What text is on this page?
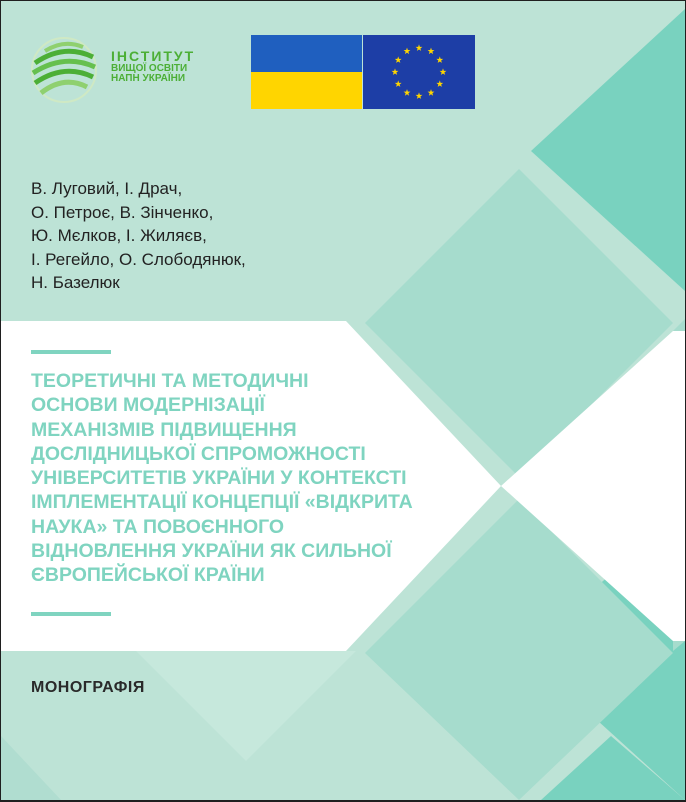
ІНСТИТУТ
ВИЩОЇ ОСВІТИ
НАПН УКРАЇНИ
В. Луговий, І. Драч,
О. Петроє, В. Зінченко,
Ю. Мєлков, І. Жиляєв,
І. Регейло, О. Слободянюк,
Н. Базелюк
ТЕОРЕТИЧНІ ТА МЕТОДИЧНІ
ОСНОВИ МОДЕРНІЗАЦІЇ
МЕХАНІЗМІВ ПІДВИЩЕННЯ
ДОСЛІДНИЦЬКОЇ СПРОМОЖНОСТІ
УНІВЕРСИТЕТІВ УКРАЇНИ У КОНТЕКСТІ
ІМПЛЕМЕНТАЦІЇ КОНЦЕПЦІЇ «ВІДКРИТА
НАУКА» ТА ПОВОЄННОГО
ВІДНОВЛЕННЯ УКРАЇНИ ЯК СИЛЬНОЇ
ЄВРОПЕЙСЬКОЇ КРАЇНИ
МОНОГРАФІЯ
